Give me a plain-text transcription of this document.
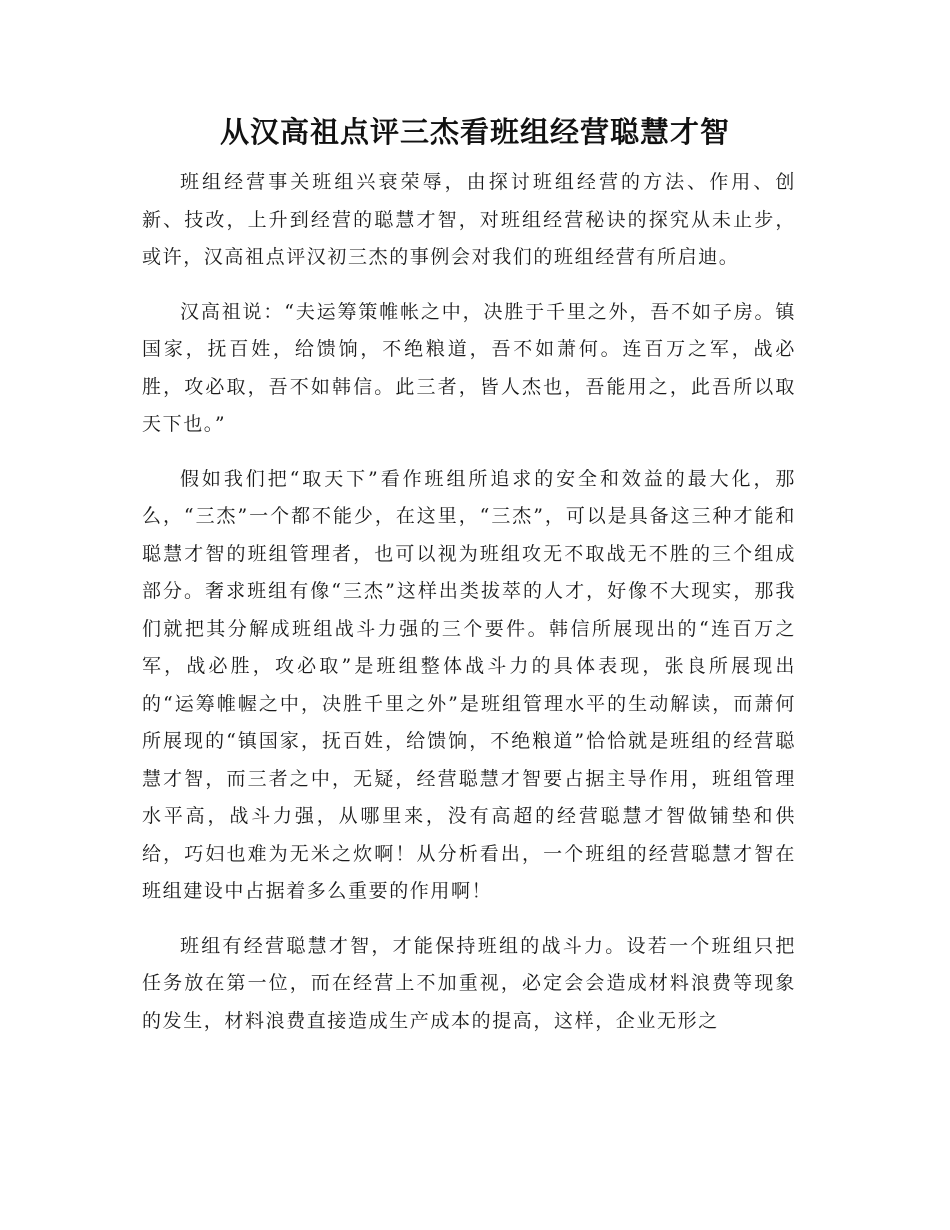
从汉高祖点评三杰看班组经营聪慧才智

班组经营事关班组兴衰荣辱，由探讨班组经营的方法、作用、创新、技改，上升到经营的聪慧才智，对班组经营秘诀的探究从未止步，或许，汉高祖点评汉初三杰的事例会对我们的班组经营有所启迪。

汉高祖说：“夫运筹策帷帐之中，决胜于千里之外，吾不如子房。镇国家，抚百姓，给馈饷，不绝粮道，吾不如萧何。连百万之军，战必胜，攻必取，吾不如韩信。此三者，皆人杰也，吾能用之，此吾所以取天下也。”

假如我们把“取天下”看作班组所追求的安全和效益的最大化，那么，“三杰”一个都不能少，在这里，“三杰”，可以是具备这三种才能和聪慧才智的班组管理者，也可以视为班组攻无不取战无不胜的三个组成部分。奢求班组有像“三杰”这样出类拔萃的人才，好像不大现实，那我们就把其分解成班组战斗力强的三个要件。韩信所展现出的“连百万之军，战必胜，攻必取”是班组整体战斗力的具体表现，张良所展现出的“运筹帷幄之中，决胜千里之外”是班组管理水平的生动解读，而萧何所展现的“镇国家，抚百姓，给馈饷，不绝粮道”恰恰就是班组的经营聪慧才智，而三者之中，无疑，经营聪慧才智要占据主导作用，班组管理水平高，战斗力强，从哪里来，没有高超的经营聪慧才智做铺垫和供给，巧妇也难为无米之炊啊！从分析看出，一个班组的经营聪慧才智在班组建设中占据着多么重要的作用啊！

班组有经营聪慧才智，才能保持班组的战斗力。设若一个班组只把任务放在第一位，而在经营上不加重视，必定会会造成材料浪费等现象的发生，材料浪费直接造成生产成本的提高，这样，企业无形之
